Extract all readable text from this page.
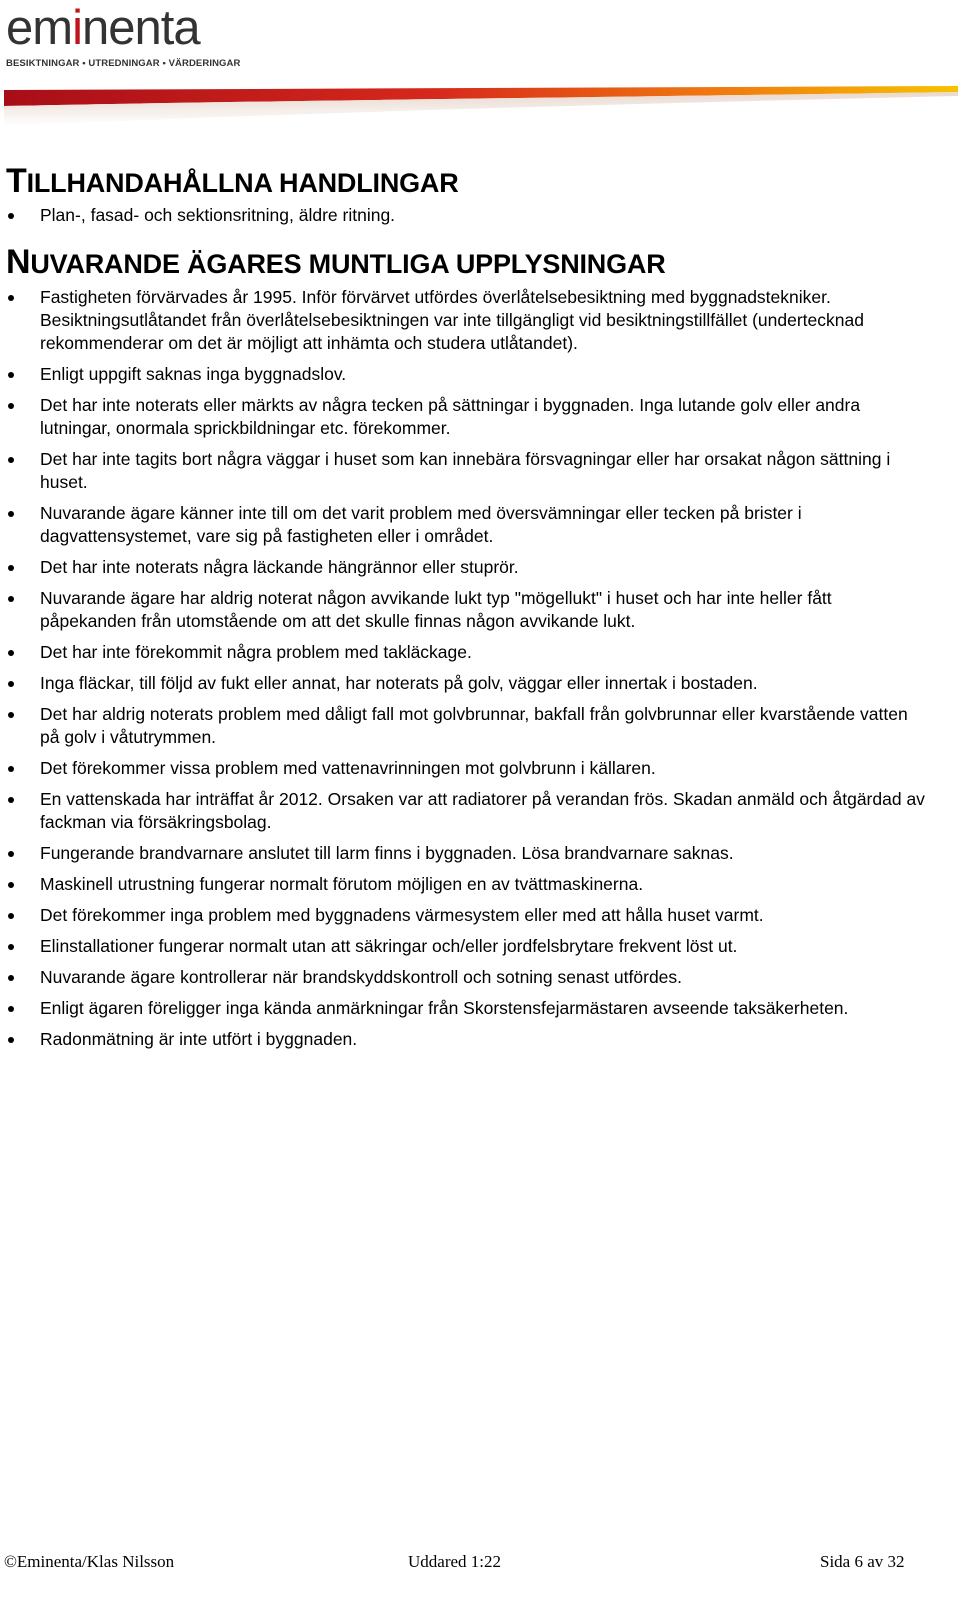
eminenta
BESIKTNINGAR • UTREDNINGAR • VÄRDERINGAR
TILLHANDAHÅLLNA HANDLINGAR
Plan-, fasad- och sektionsritning, äldre ritning.
NUVARANDE ÄGARES MUNTLIGA UPPLYSNINGAR
Fastigheten förvärvades år 1995. Inför förvärvet utfördes överlåtelsebesiktning med byggnadstekniker. Besiktningsutlåtandet från överlåtelsebesiktningen var inte tillgängligt vid besiktningstillfället (undertecknad rekommenderar om det är möjligt att inhämta och studera utlåtandet).
Enligt uppgift saknas inga byggnadslov.
Det har inte noterats eller märkts av några tecken på sättningar i byggnaden. Inga lutande golv eller andra lutningar, onormala sprickbildningar etc. förekommer.
Det har inte tagits bort några väggar i huset som kan innebära försvagningar eller har orsakat någon sättning i huset.
Nuvarande ägare känner inte till om det varit problem med översvämningar eller tecken på brister i dagvattensystemet, vare sig på fastigheten eller i området.
Det har inte noterats några läckande hängrännor eller stuprör.
Nuvarande ägare har aldrig noterat någon avvikande lukt typ "mögellukt" i huset och har inte heller fått påpekanden från utomstående om att det skulle finnas någon avvikande lukt.
Det har inte förekommit några problem med takläckage.
Inga fläckar, till följd av fukt eller annat, har noterats på golv, väggar eller innertak i bostaden.
Det har aldrig noterats problem med dåligt fall mot golvbrunnar, bakfall från golvbrunnar eller kvarstående vatten på golv i våtutrymmen.
Det förekommer vissa problem med vattenavrinningen mot golvbrunn i källaren.
En vattenskada har inträffat år 2012. Orsaken var att radiatorer på verandan frös. Skadan anmäld och åtgärdad av fackman via försäkringsbolag.
Fungerande brandvarnare anslutet till larm finns i byggnaden. Lösa brandvarnare saknas.
Maskinell utrustning fungerar normalt förutom möjligen en av tvättmaskinerna.
Det förekommer inga problem med byggnadens värmesystem eller med att hålla huset varmt.
Elinstallationer fungerar normalt utan att säkringar och/eller jordfelsbrytare frekvent löst ut.
Nuvarande ägare kontrollerar när brandskyddskontroll och sotning senast utfördes.
Enligt ägaren föreligger inga kända anmärkningar från Skorstensfejarmästaren avseende taksäkerheten.
Radonmätning är inte utfört i byggnaden.
©Eminenta/Klas Nilsson	Uddared 1:22	Sida 6 av 32
